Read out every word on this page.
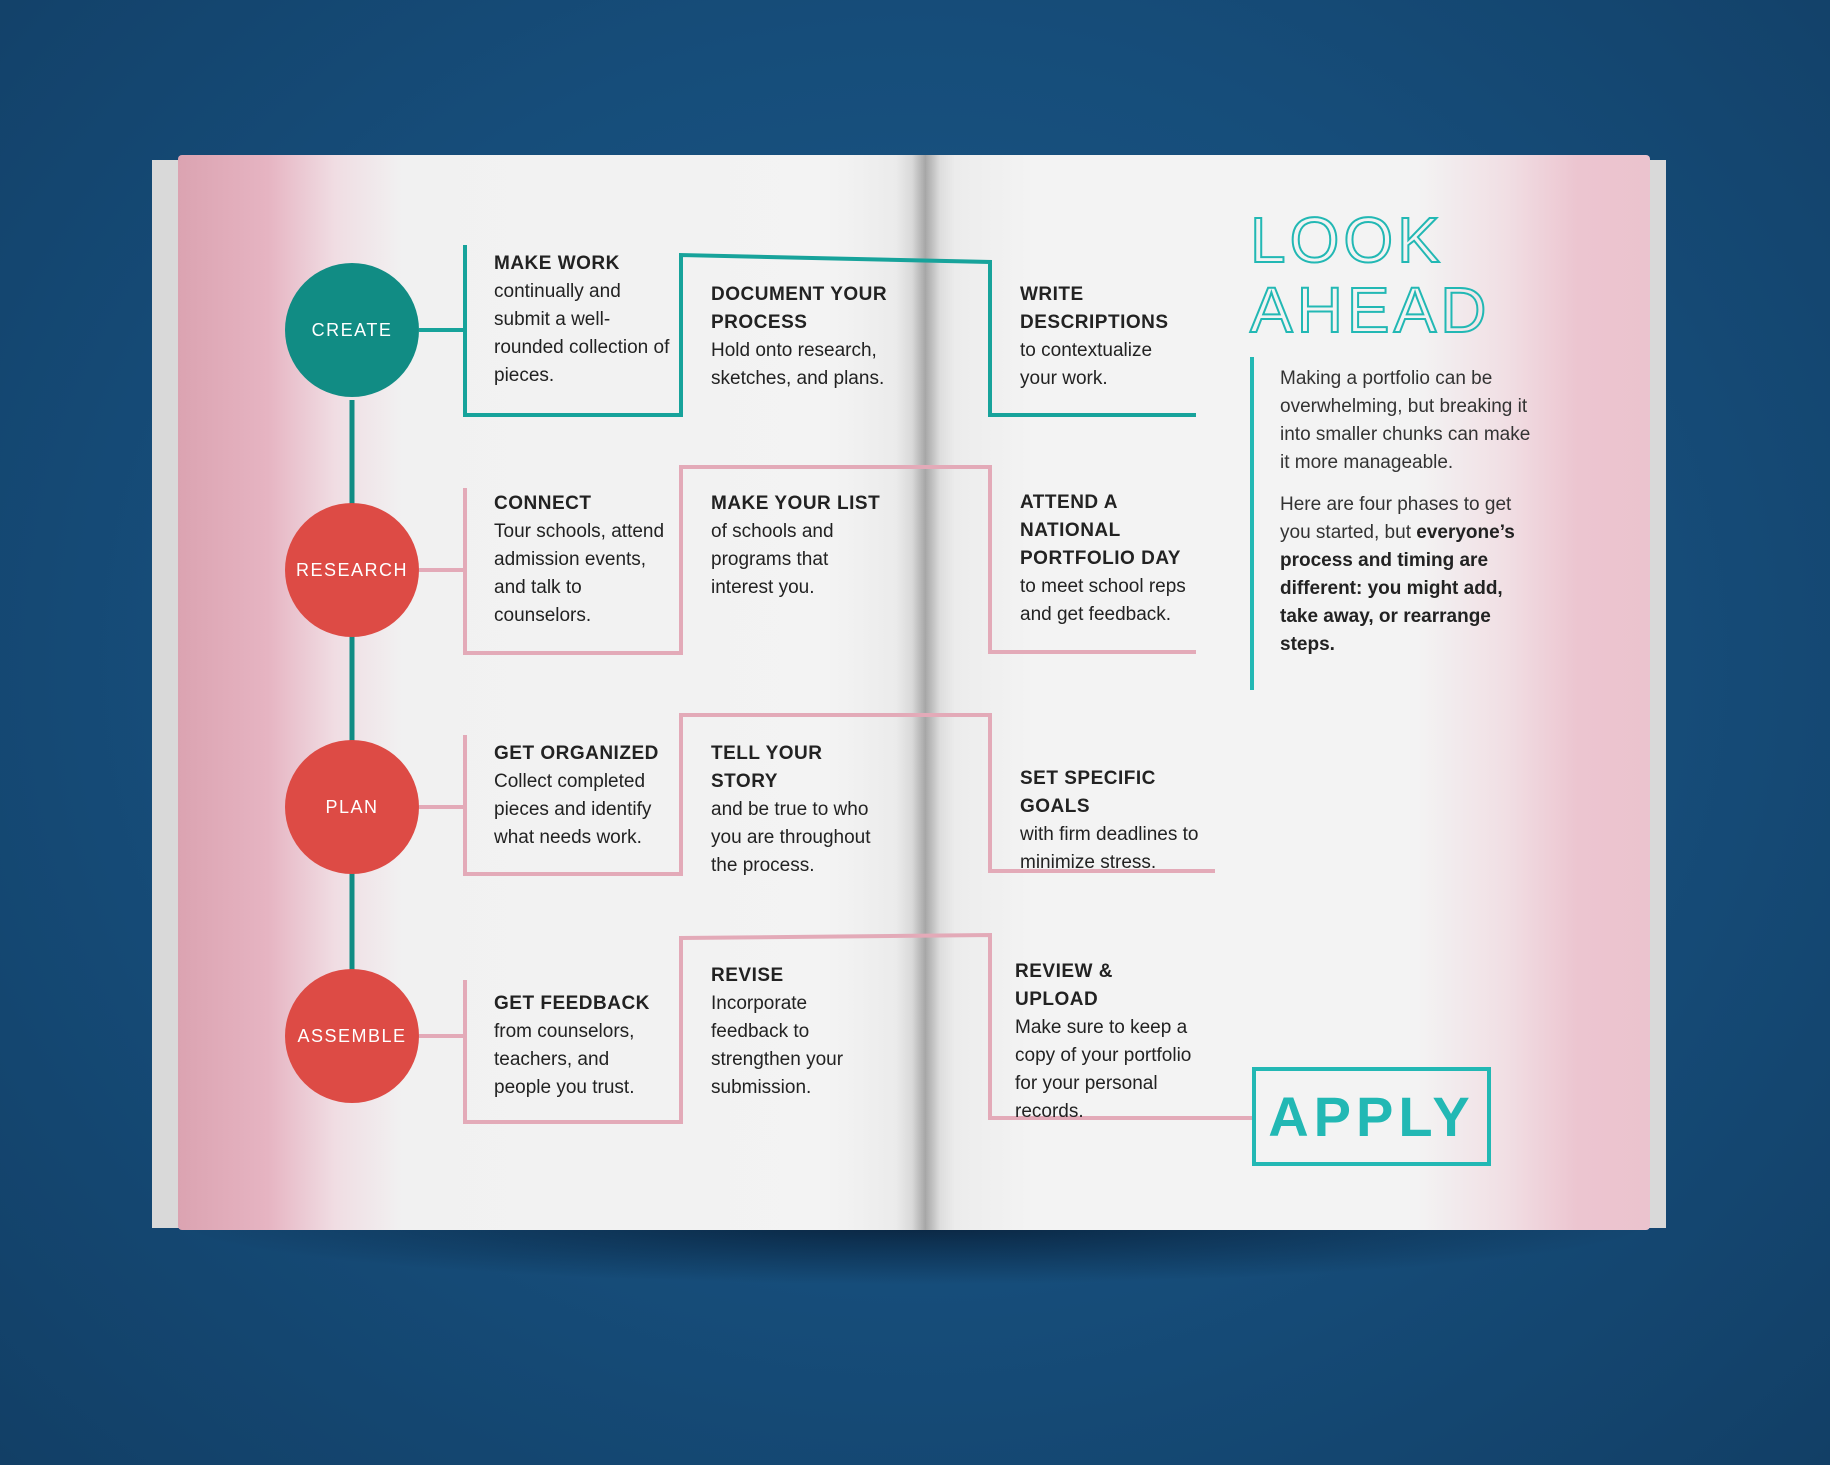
CREATE
RESEARCH
PLAN
ASSEMBLE
MAKE WORK
continually and submit a well-rounded collection of pieces.
DOCUMENT YOUR PROCESS
Hold onto research, sketches, and plans.
WRITE DESCRIPTIONS
to contextualize your work.
CONNECT
Tour schools, attend admission events, and talk to counselors.
MAKE YOUR LIST
of schools and programs that interest you.
ATTEND A NATIONAL PORTFOLIO DAY
to meet school reps and get feedback.
GET ORGANIZED
Collect completed pieces and identify what needs work.
TELL YOUR STORY
and be true to who you are throughout the process.
SET SPECIFIC GOALS
with firm deadlines to minimize stress.
GET FEEDBACK
from counselors, teachers, and people you trust.
REVISE
Incorporate feedback to strengthen your submission.
REVIEW & UPLOAD
Make sure to keep a copy of your portfolio for your personal records.
LOOK
AHEAD

Making a portfolio can be overwhelming, but breaking it into smaller chunks can make it more manageable.

Here are four phases to get you started, but everyone’s process and timing are different: you might add, take away, or rearrange steps.

APPLY
